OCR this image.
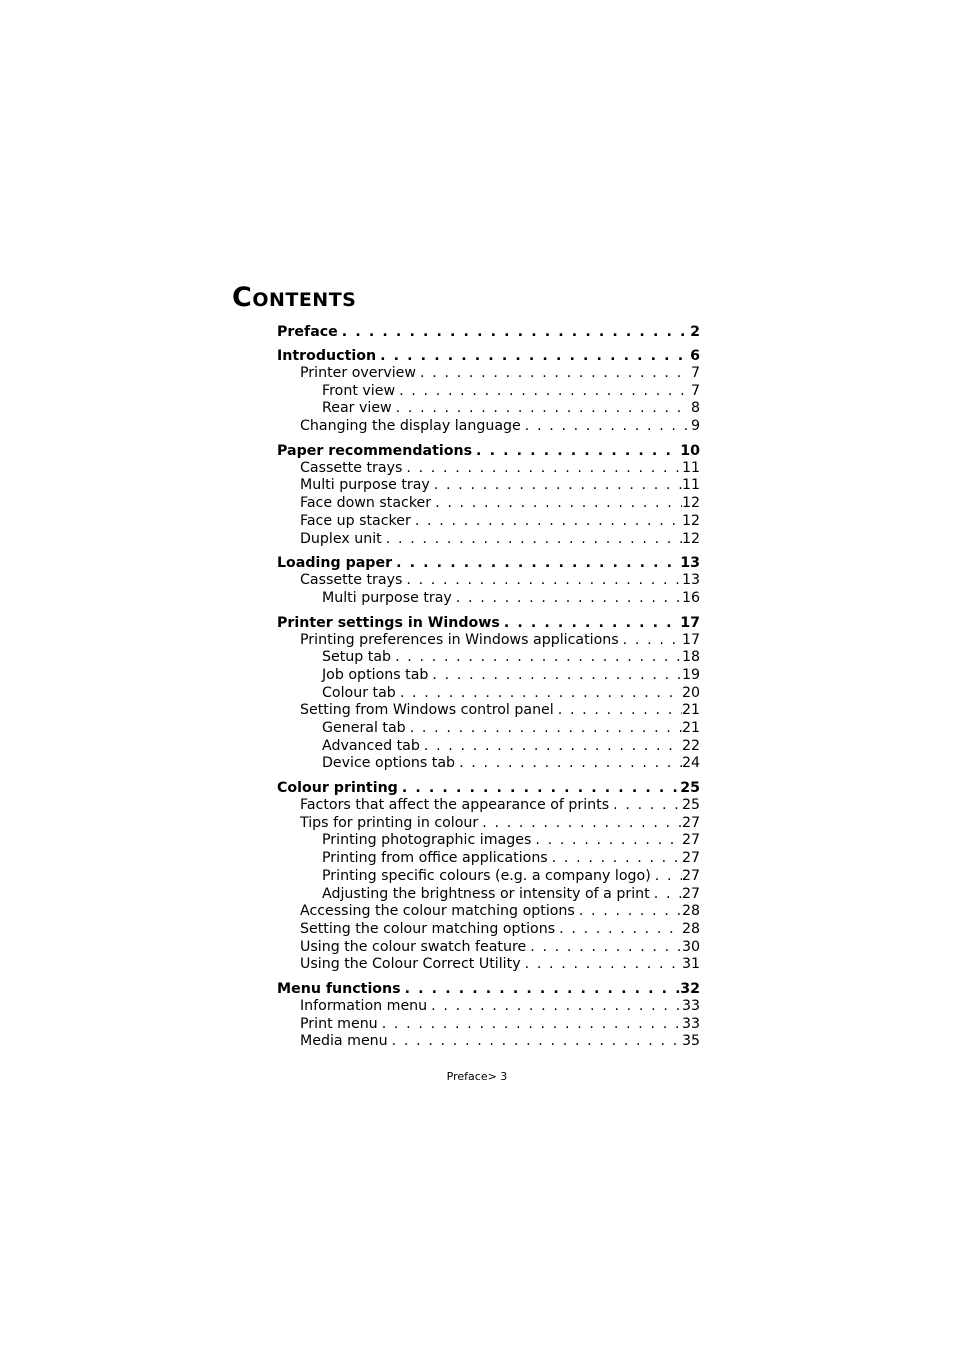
Contents
Preface . . .	2
Introduction . . .	6
Printer overview . . .	7
Front view . . .	7
Rear view . . .	8
Changing the display language . . .	9
Paper recommendations . . .	10
Cassette trays . . .	11
Multi purpose tray . . .	11
Face down stacker . . .	12
Face up stacker . . .	12
Duplex unit . . .	12
Loading paper . . .	13
Cassette trays . . .	13
Multi purpose tray . . .	16
Printer settings in Windows . . .	17
Printing preferences in Windows applications . . .	17
Setup tab . . .	18
Job options tab . . .	19
Colour tab . . .	20
Setting from Windows control panel . . .	21
General tab . . .	21
Advanced tab . . .	22
Device options tab . . .	24
Colour printing . . .	25
Factors that affect the appearance of prints . . .	25
Tips for printing in colour . . .	27
Printing photographic images . . .	27
Printing from office applications . . .	27
Printing specific colours (e.g. a company logo) . . . 27
Adjusting the brightness or intensity of a print . . . 27
Accessing the colour matching options . . .	28
Setting the colour matching options . . .	28
Using the colour swatch feature . . .	30
Using the Colour Correct Utility . . .	31
Menu functions . . .	32
Information menu . . .	33
Print menu . . .	33
Media menu . . .	35
Preface> 3
